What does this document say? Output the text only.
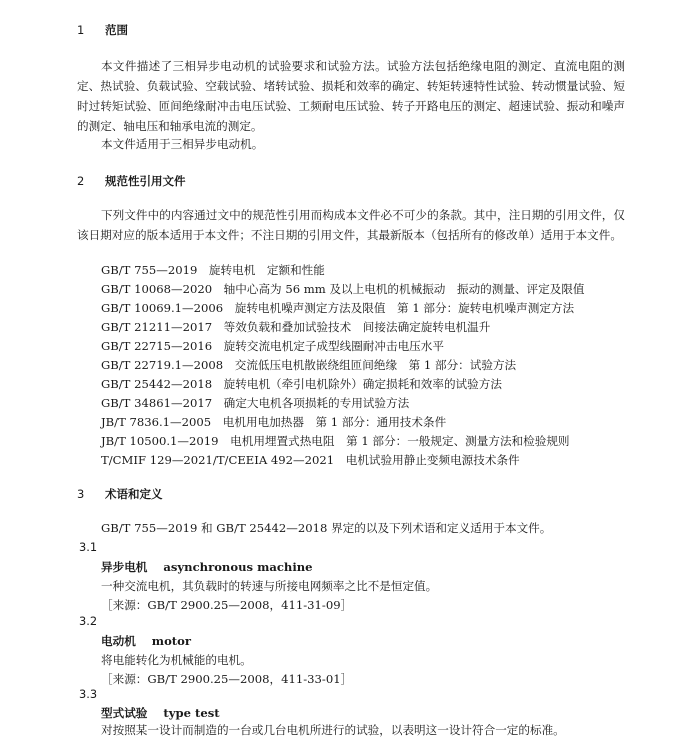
1 范围
本文件描述了三相异步电动机的试验要求和试验方法。试验方法包括绝缘电阻的测定、直流电阻的测定、热试验、负载试验、空载试验、堵转试验、损耗和效率的确定、转矩转速特性试验、转动惯量试验、短时过转矩试验、匝间绝缘耐冲击电压试验、工频耐电压试验、转子开路电压的测定、超速试验、振动和噪声的测定、轴电压和轴承电流的测定。
本文件适用于三相异步电动机。
2 规范性引用文件
下列文件中的内容通过文中的规范性引用而构成本文件必不可少的条款。其中，注日期的引用文件，仅该日期对应的版本适用于本文件；不注日期的引用文件，其最新版本（包括所有的修改单）适用于本文件。
GB/T 755—2019　旋转电机　定额和性能
GB/T 10068—2020　轴中心高为 56 mm 及以上电机的机械振动　振动的测量、评定及限值
GB/T 10069.1—2006　旋转电机噪声测定方法及限值　第 1 部分：旋转电机噪声测定方法
GB/T 21211—2017　等效负载和叠加试验技术　间接法确定旋转电机温升
GB/T 22715—2016　旋转交流电机定子成型线圈耐冲击电压水平
GB/T 22719.1—2008　交流低压电机散嵌绕组匝间绝缘　第 1 部分：试验方法
GB/T 25442—2018　旋转电机（牵引电机除外）确定损耗和效率的试验方法
GB/T 34861—2017　确定大电机各项损耗的专用试验方法
JB/T 7836.1—2005　电机用电加热器　第 1 部分：通用技术条件
JB/T 10500.1—2019　电机用埋置式热电阻　第 1 部分：一般规定、测量方法和检验规则
T/CMIF 129—2021/T/CEEIA 492—2021　电机试验用静止变频电源技术条件
3 术语和定义
GB/T 755—2019 和 GB/T 25442—2018 界定的以及下列术语和定义适用于本文件。
3.1
异步电机 asynchronous machine
一种交流电机，其负载时的转速与所接电网频率之比不是恒定值。
［来源：GB/T 2900.25—2008，411-31-09］
3.2
电动机 motor
将电能转化为机械能的电机。
［来源：GB/T 2900.25—2008，411-33-01］
3.3
型式试验 type test
对按照某一设计而制造的一台或几台电机所进行的试验，以表明这一设计符合一定的标准。
